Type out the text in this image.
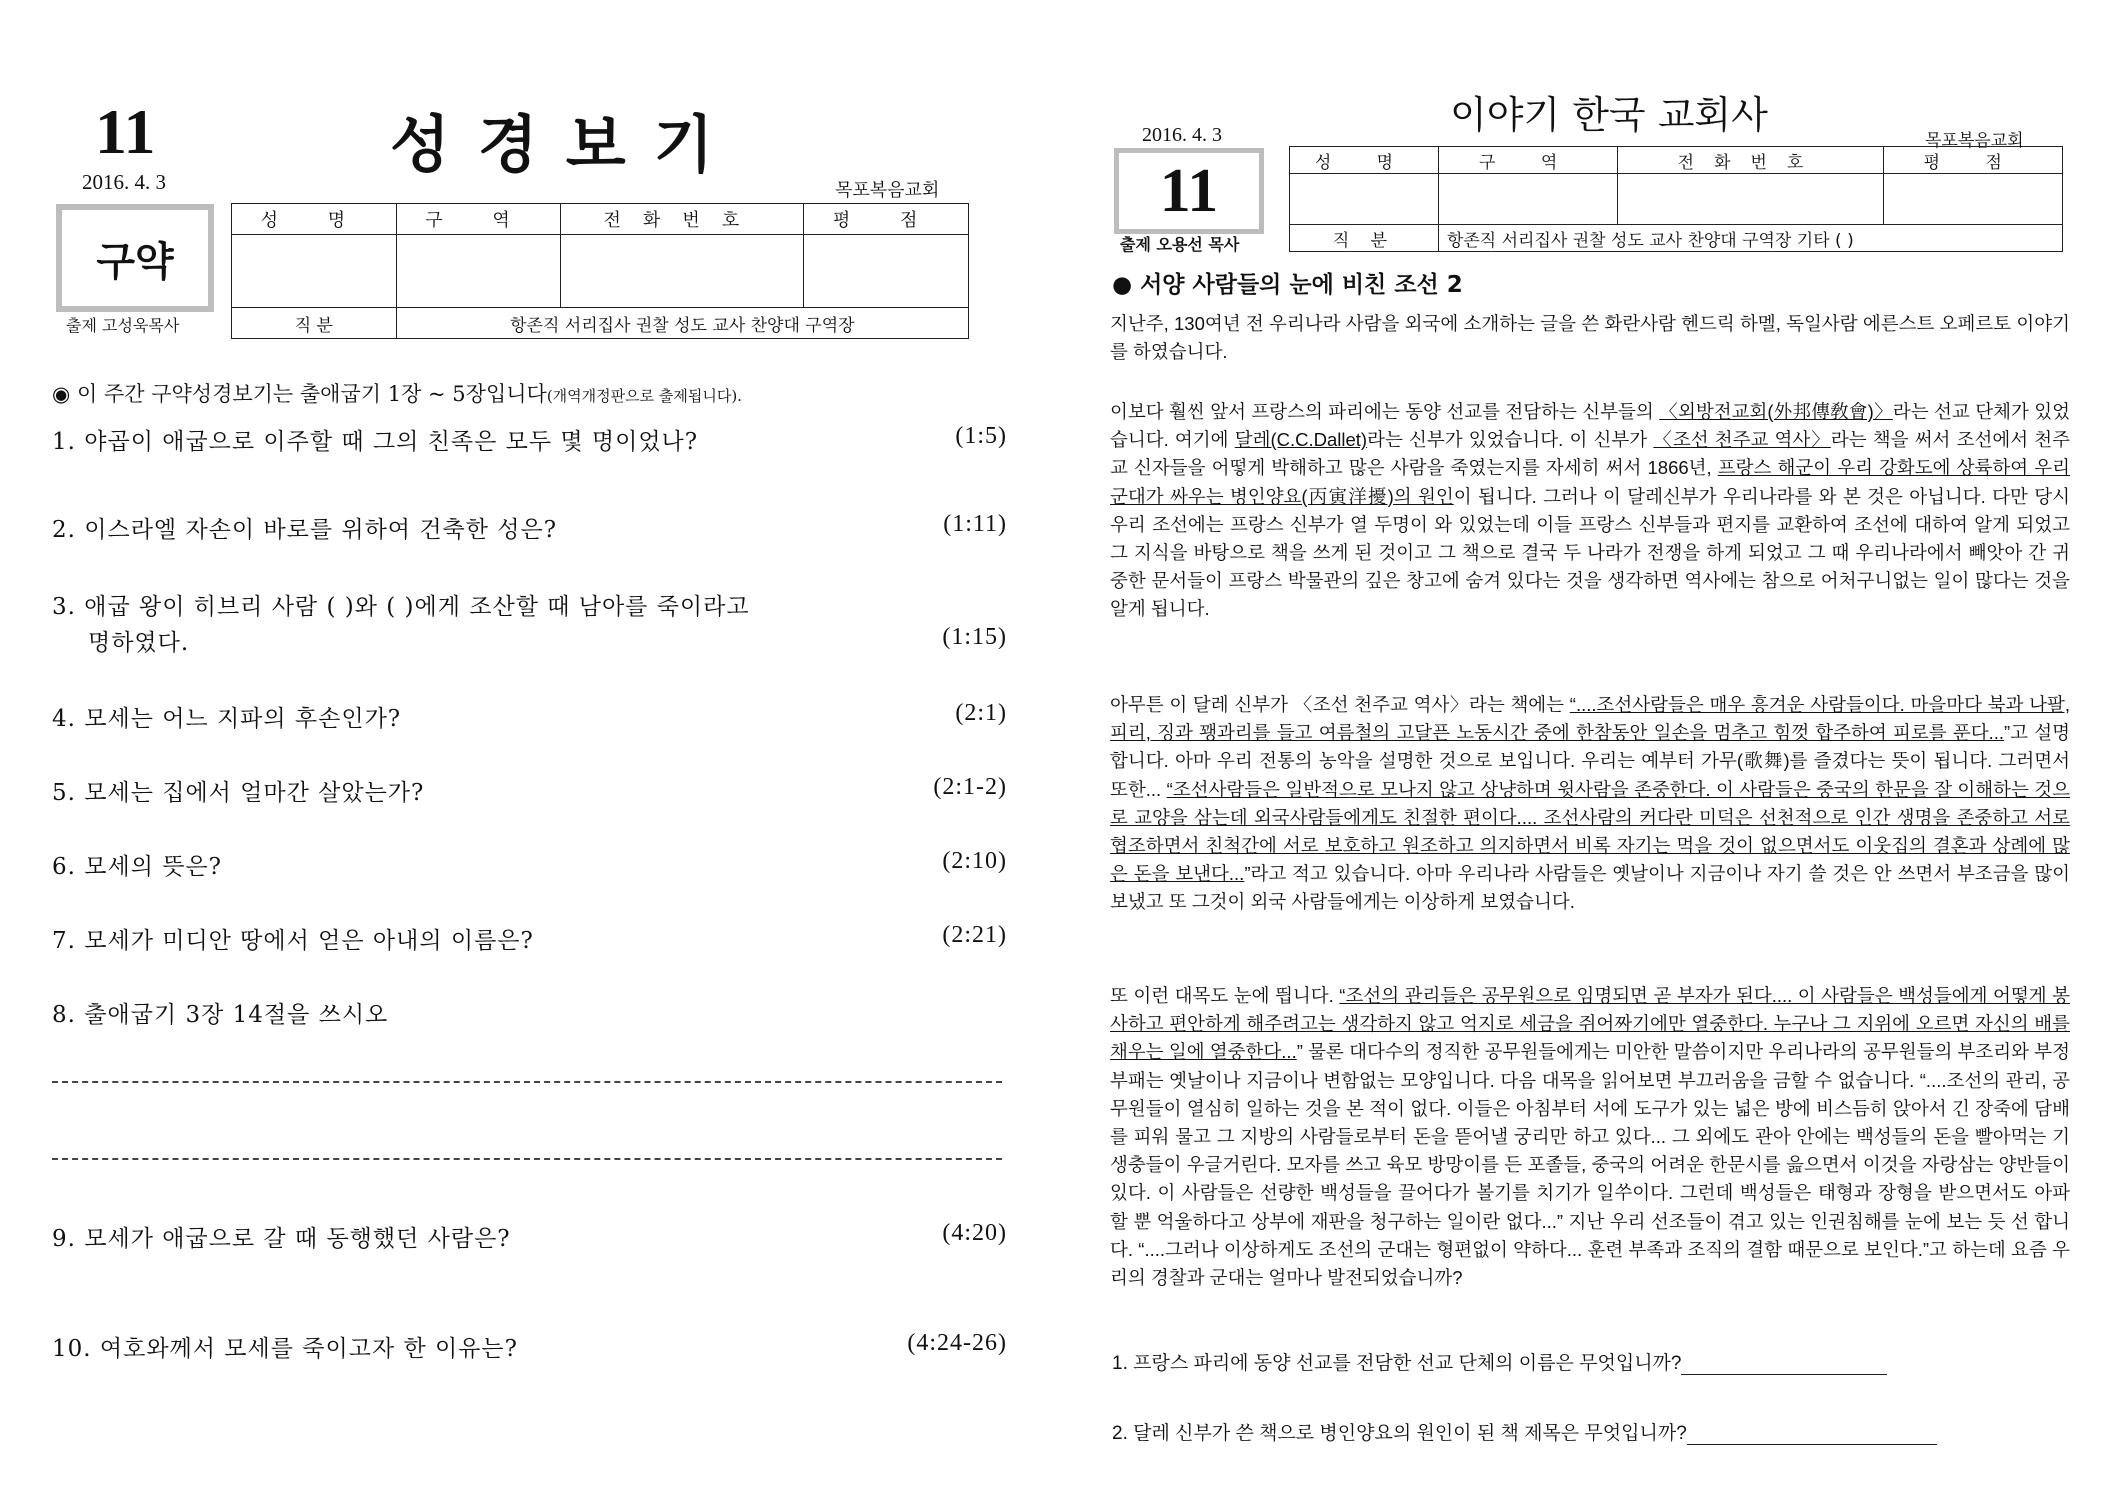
11	성경보기
2016. 4. 3	목포복음교회
구약
출제 고성욱목사
성 명	구 역	전화번호	평 점

직 분	항존직 서리집사 권찰 성도 교사 찬양대 구역장		
◉ 이 주간 구약성경보기는 출애굽기 1장 ~ 5장입니다(개역개정판으로 출제됩니다).
1. 야곱이 애굽으로 이주할 때 그의 친족은 모두 몇 명이었나?	(1:5)
2. 이스라엘 자손이 바로를 위하여 건축한 성은?	(1:11)
3. 애굽 왕이 히브리 사람 ( )와 ( )에게 조산할 때 남아를 죽이라고
명하였다.	(1:15)
4. 모세는 어느 지파의 후손인가?	(2:1)
5. 모세는 집에서 얼마간 살았는가?	(2:1-2)
6. 모세의 뜻은?	(2:10)
7. 모세가 미디안 땅에서 얻은 아내의 이름은?	(2:21)
8. 출애굽기 3장 14절을 쓰시오
9. 모세가 애굽으로 갈 때 동행했던 사람은?	(4:20)
10. 여호와께서 모세를 죽이고자 한 이유는?	(4:24-26)
이야기 한국 교회사
2016. 4. 3	목포복음교회
11
출제 오용선 목사
성 명	구 역	전화번호	평 점

직 분	항존직 서리집사 권찰 성도 교사 찬양대 구역장 기타 ( )		
● 서양 사람들의 눈에 비친 조선 2
지난주, 130여년 전 우리나라 사람을 외국에 소개하는 글을 쓴 화란사람 헨드릭 하멜, 독일사람 에른스트 오페르토 이야기를 하였습니다.
이보다 훨씬 앞서 프랑스의 파리에는 동양 선교를 전담하는 신부들의 〈외방전교회(外邦傳敎會)〉라는 선교 단체가 있었습니다. 여기에 달레(C.C.Dallet)라는 신부가 있었습니다. 이 신부가 〈조선 천주교 역사〉라는 책을 써서 조선에서 천주교 신자들을 어떻게 박해하고 많은 사람을 죽였는지를 자세히 써서 1866년, 프랑스 해군이 우리 강화도에 상륙하여 우리 군대가 싸우는 병인양요(丙寅洋擾)의 원인이 됩니다. 그러나 이 달레신부가 우리나라를 와 본 것은 아닙니다. 다만 당시 우리 조선에는 프랑스 신부가 열 두명이 와 있었는데 이들 프랑스 신부들과 편지를 교환하여 조선에 대하여 알게 되었고 그 지식을 바탕으로 책을 쓰게 된 것이고 그 책으로 결국 두 나라가 전쟁을 하게 되었고 그 때 우리나라에서 빼앗아 간 귀중한 문서들이 프랑스 박물관의 깊은 창고에 숨겨 있다는 것을 생각하면 역사에는 참으로 어처구니없는 일이 많다는 것을 알게 됩니다.
아무튼 이 달레 신부가 〈조선 천주교 역사〉라는 책에는 “....조선사람들은 매우 흥겨운 사람들이다. 마을마다 북과 나팔, 피리, 징과 꽹과리를 들고 여름철의 고달픈 노동시간 중에 한참동안 일손을 멈추고 힘껏 합주하여 피로를 푼다...”고 설명합니다. 아마 우리 전통의 농악을 설명한 것으로 보입니다. 우리는 예부터 가무(歌舞)를 즐겼다는 뜻이 됩니다. 그러면서 또한... “조선사람들은 일반적으로 모나지 않고 상냥하며 윗사람을 존중한다. 이 사람들은 중국의 한문을 잘 이해하는 것으로 교양을 삼는데 외국사람들에게도 친절한 편이다.... 조선사람의 커다란 미덕은 선천적으로 인간 생명을 존중하고 서로 협조하면서 친척간에 서로 보호하고 원조하고 의지하면서 비록 자기는 먹을 것이 없으면서도 이웃집의 결혼과 상례에 많은 돈을 보낸다...”라고 적고 있습니다. 아마 우리나라 사람들은 옛날이나 지금이나 자기 쓸 것은 안 쓰면서 부조금을 많이 보냈고 또 그것이 외국 사람들에게는 이상하게 보였습니다.
또 이런 대목도 눈에 띕니다. “조선의 관리들은 공무원으로 임명되면 곧 부자가 된다.... 이 사람들은 백성들에게 어떻게 봉사하고 편안하게 해주려고는 생각하지 않고 억지로 세금을 쥐어짜기에만 열중한다. 누구나 그 지위에 오르면 자신의 배를 채우는 일에 열중한다...” 물론 대다수의 정직한 공무원들에게는 미안한 말씀이지만 우리나라의 공무원들의 부조리와 부정 부패는 옛날이나 지금이나 변함없는 모양입니다. 다음 대목을 읽어보면 부끄러움을 금할 수 없습니다. “....조선의 관리, 공무원들이 열심히 일하는 것을 본 적이 없다. 이들은 아침부터 서에 도구가 있는 넓은 방에 비스듬히 앉아서 긴 장죽에 담배를 피워 물고 그 지방의 사람들로부터 돈을 뜯어낼 궁리만 하고 있다... 그 외에도 관아 안에는 백성들의 돈을 빨아먹는 기생충들이 우글거린다. 모자를 쓰고 육모 방망이를 든 포졸들, 중국의 어려운 한문시를 읊으면서 이것을 자랑삼는 양반들이 있다. 이 사람들은 선량한 백성들을 끌어다가 볼기를 치기가 일쑤이다. 그런데 백성들은 태형과 장형을 받으면서도 아파 할 뿐 억울하다고 상부에 재판을 청구하는 일이란 없다...” 지난 우리 선조들이 겪고 있는 인권침해를 눈에 보는 듯 선 합니다. “....그러나 이상하게도 조선의 군대는 형편없이 약하다... 훈련 부족과 조직의 결함 때문으로 보인다.”고 하는데 요즘 우리의 경찰과 군대는 얼마나 발전되었습니까?
1. 프랑스 파리에 동양 선교를 전담한 선교 단체의 이름은 무엇입니까?
2. 달레 신부가 쓴 책으로 병인양요의 원인이 된 책 제목은 무엇입니까?
